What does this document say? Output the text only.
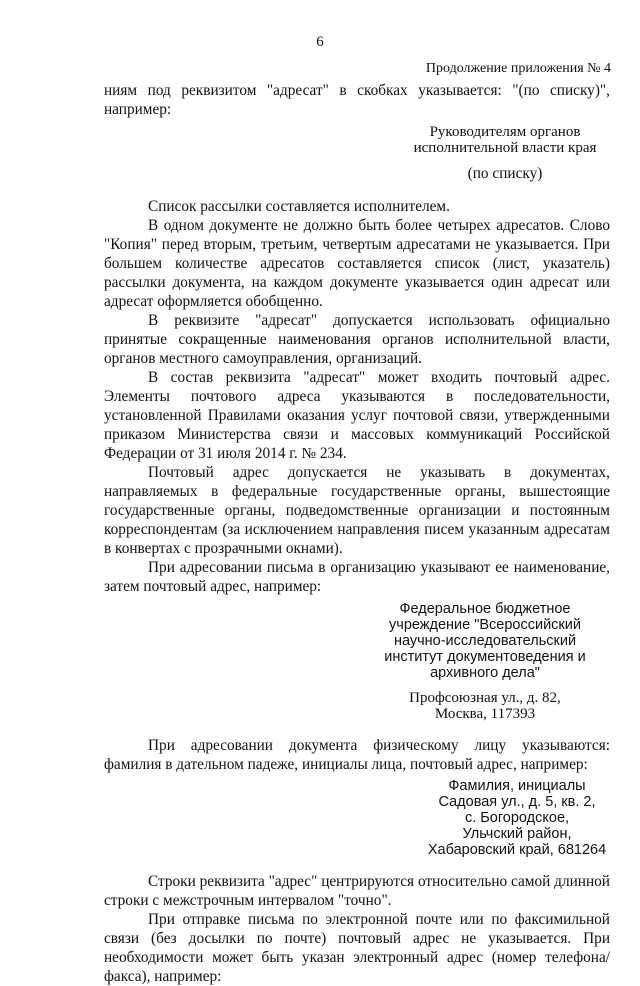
6
Продолжение приложения № 4

ниям под реквизитом "адресат" в скобках указывается: "(по списку)", например:

Руководителям органов
исполнительной власти края
(по списку)

Список рассылки составляется исполнителем.

В одном документе не должно быть более четырех адресатов. Слово "Копия" перед вторым, третьим, четвертым адресатами не указывается. При большем количестве адресатов составляется список (лист, указатель) рассылки документа, на каждом документе указывается один адресат или адресат оформляется обобщенно.

В реквизите "адресат" допускается использовать официально принятые сокращенные наименования органов исполнительной власти, органов местного самоуправления, организаций.

В состав реквизита "адресат" может входить почтовый адрес. Элементы почтового адреса указываются в последовательности, установленной Правилами оказания услуг почтовой связи, утвержденными приказом Министерства связи и массовых коммуникаций Российской Федерации от 31 июля 2014 г. № 234.

Почтовый адрес допускается не указывать в документах, направляемых в федеральные государственные органы, вышестоящие государственные органы, подведомственные организации и постоянным корреспондентам (за исключением направления писем указанным адресатам в конвертах с прозрачными окнами).

При адресовании письма в организацию указывают ее наименование, затем почтовый адрес, например:

Федеральное бюджетное
учреждение "Всероссийский
научно-исследовательский
институт документоведения и
архивного дела"
Профсоюзная ул., д. 82,
Москва, 117393

При адресовании документа физическому лицу указываются: фамилия в дательном падеже, инициалы лица, почтовый адрес, например:

Фамилия, инициалы
Садовая ул., д. 5, кв. 2,
с. Богородское,
Ульчский район,
Хабаровский край, 681264

Строки реквизита "адрес" центрируются относительно самой длинной строки с межстрочным интервалом "точно".

При отправке письма по электронной почте или по факсимильной связи (без досылки по почте) почтовый адрес не указывается. При необходимости может быть указан электронный адрес (номер телефона/факса), например:
